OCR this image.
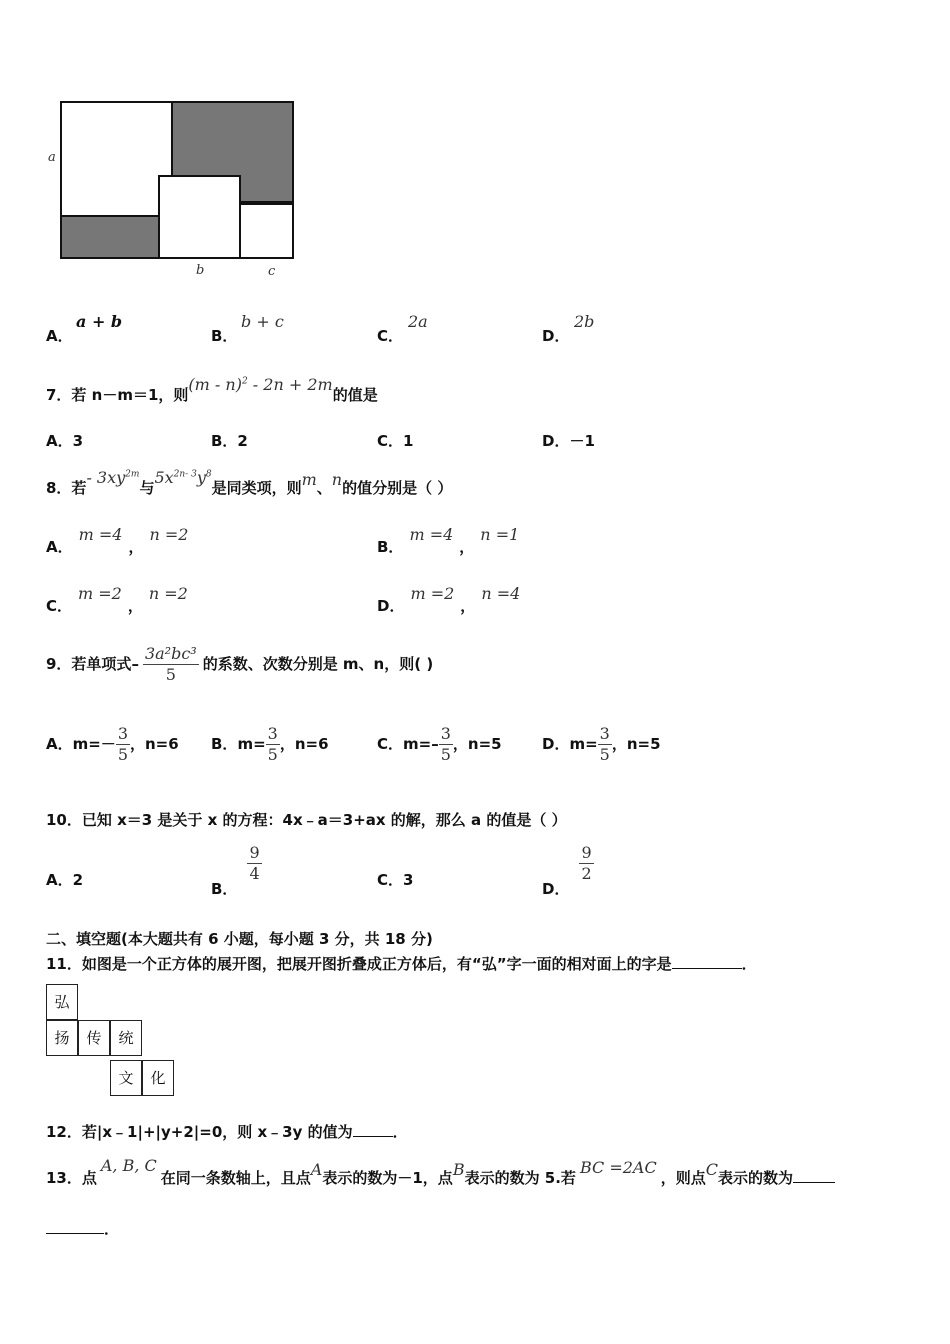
a
b	c
A．
a + b
B．
b + c
C．
2a
D．
2b
7．若 n－m＝1，则(m - n)$^2$ - 2n + 2m的值是
A．3	B．2	C．1	D．－1
8．若- $3xy^{2m}$与$5x^{2n- 3}y^8$是同类项，则m、n的值分别是（ ）
A．m =4，n =2
B．m =4，n =1
C．m =2，n =2
D．m =2，n =4
9．若单项式– $\frac{\text{3a²bc³}}{5}$ 的系数、次数分别是 m、n，则( )
A．$m=- \frac{3}{5}$ ，n=6 B．$m= \frac{3}{5}$ ，n=6	C．$m=- \frac{3}{5}$ ，n=5	D．$m= \frac{3}{5}$ ，n=5
10．已知 x＝3 是关于 x 的方程：4x﹣a＝3+ax 的解，那么 a 的值是（ ）
A．2	B．
$\frac{9}{4}$	C．3	D．
$\frac{9}{2}$
二、填空题(本大题共有 6 小题，每小题 3 分，共 18 分)
11．如图是一个正方体的展开图，把展开图折叠成正方体后，有“弘”字一面的相对面上的字是	．
弘
扬	传	统
文	化
12．若|x﹣1|+|y+2|=0，则 x﹣3y 的值为	．
13．点A, B, C在同一条数轴上，且点A表示的数为－1，点B表示的数为 5.若BC =2AC，则点C表示的数为
．
